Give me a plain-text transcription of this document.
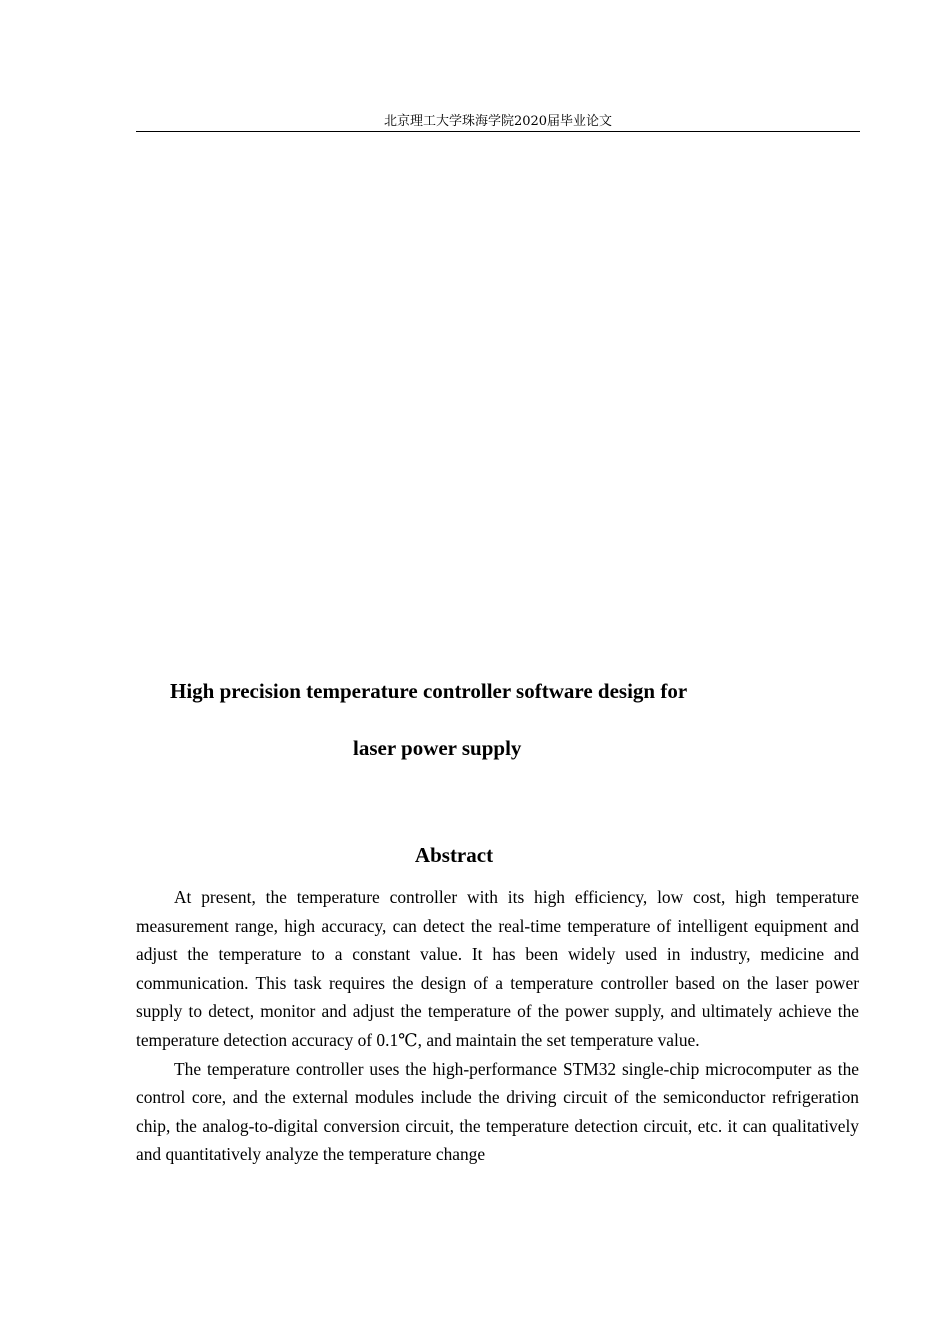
北京理工大学珠海学院2020届毕业论文
High precision temperature controller software design for
laser power supply
Abstract

At present, the temperature controller with its high efficiency, low cost, high temperature measurement range, high accuracy, can detect the real-time temperature of intelligent equipment and adjust the temperature to a constant value. It has been widely used in industry, medicine and communication. This task requires the design of a temperature controller based on the laser power supply to detect, monitor and adjust the temperature of the power supply, and ultimately achieve the temperature detection accuracy of 0.1℃, and maintain the set temperature value.

The temperature controller uses the high-performance STM32 single-chip microcomputer as the control core, and the external modules include the driving circuit of the semiconductor refrigeration chip, the analog-to-digital conversion circuit, the temperature detection circuit, etc. it can qualitatively and quantitatively analyze the temperature change
